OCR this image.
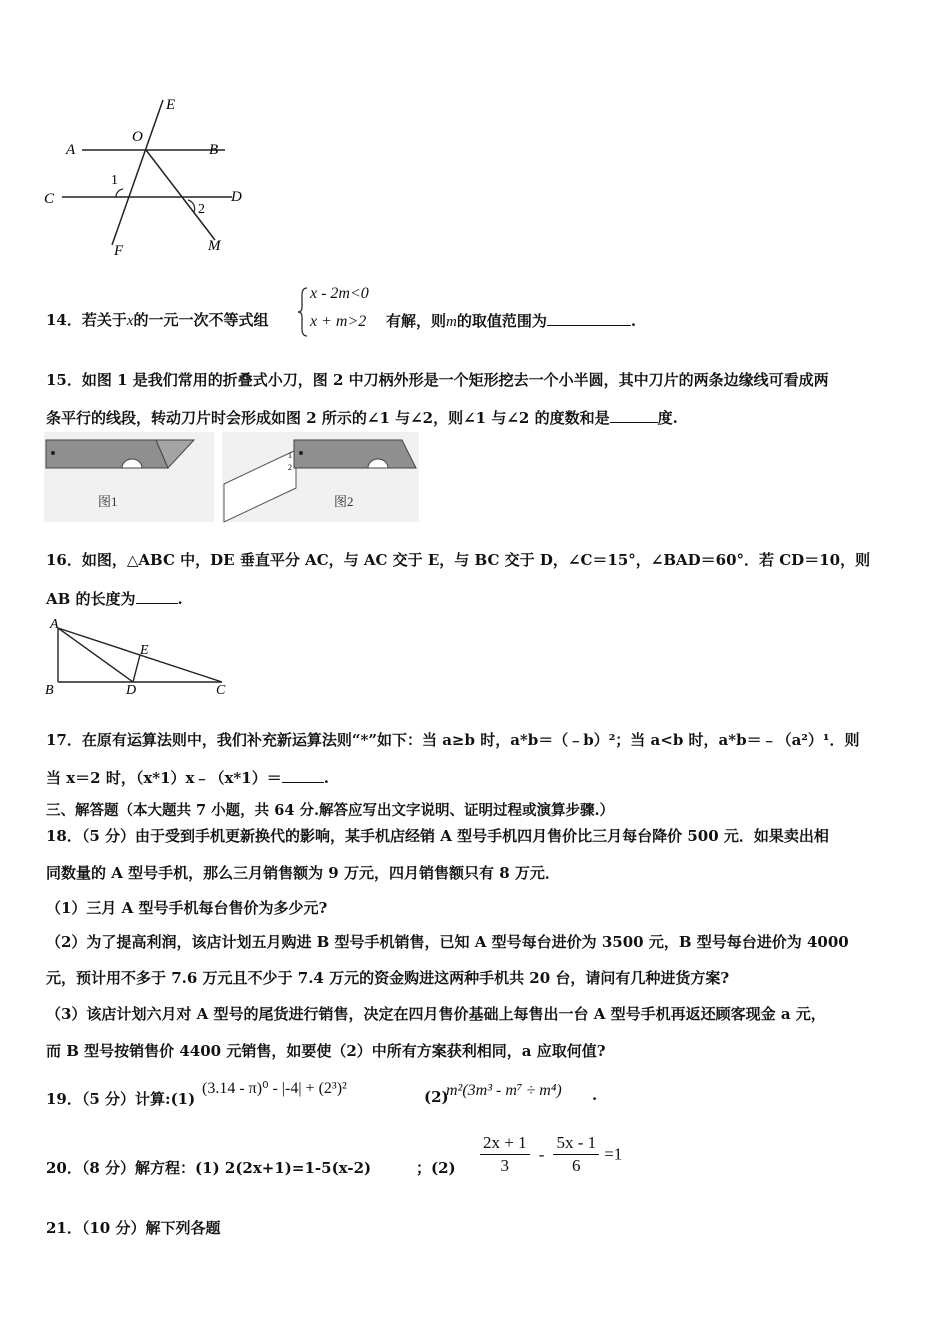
E
O
A	B
C	D
1
2
F	M
14．若关于x的一元一次不等式组
x - 2m<0
x + m>2 有解，则m的取值范围为	.
15．如图 1 是我们常用的折叠式小刀，图 2 中刀柄外形是一个矩形挖去一个小半圆，其中刀片的两条边缘线可看成两
条平行的线段，转动刀片时会形成如图 2 所示的∠1 与∠2，则∠1 与∠2 的度数和是	度.
图1
1
2
图2
16．如图，△ABC 中，DE 垂直平分 AC，与 AC 交于 E，与 BC 交于 D，∠C＝15°，∠BAD＝60°．若 CD＝10，则
AB 的长度为	.
A
E
B	D	C
17．在原有运算法则中，我们补充新运算法则“*”如下：当 a≥b 时，a*b＝（﹣b）²；当 a<b 时，a*b＝﹣（a²）¹．则
当 x＝2 时，（x*1）x﹣（x*1）＝	.
三、解答题（本大题共 7 小题，共 64 分.解答应写出文字说明、证明过程或演算步骤.）
18．（5 分）由于受到手机更新换代的影响，某手机店经销 A 型号手机四月售价比三月每台降价 500 元．如果卖出相
同数量的 A 型号手机，那么三月销售额为 9 万元，四月销售额只有 8 万元．
（1）三月 A 型号手机每台售价为多少元?
（2）为了提高利润，该店计划五月购进 B 型号手机销售，已知 A 型号每台进价为 3500 元，B 型号每台进价为 4000
元，预计用不多于 7.6 万元且不少于 7.4 万元的资金购进这两种手机共 20 台，请问有几种进货方案?
（3）该店计划六月对 A 型号的尾货进行销售，决定在四月售价基础上每售出一台 A 型号手机再返还顾客现金 a 元，
而 B 型号按销售价 4400 元销售，如要使（2）中所有方案获利相同，a 应取何值?
19．（5 分）计算:(1)
(3.14 - π)⁰ - |-4| + (2³)²	(2)
m²(3m³ - m⁷ ÷ m⁴) .
20．（8 分）解方程：(1) 2(2x+1)=1-5(x-2)	；$(2) \frac{2x + 1}{3} - \frac{5x - 1}{6} =1$
21．（10 分）解下列各题
